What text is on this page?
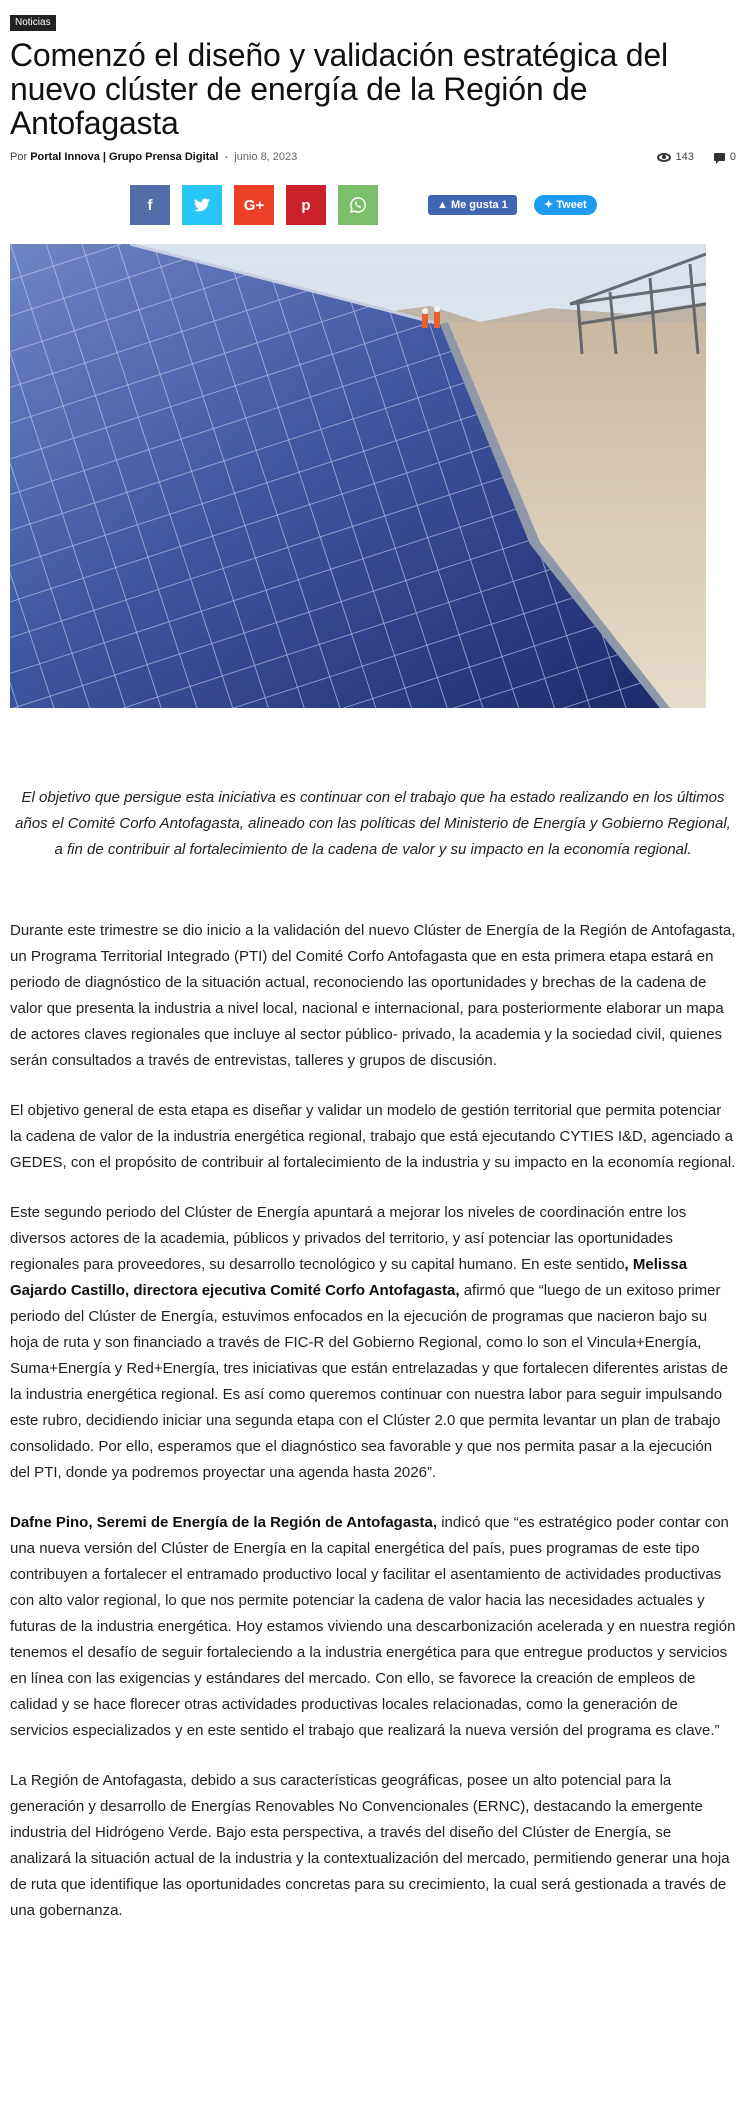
Noticias
Comenzó el diseño y validación estratégica del nuevo clúster de energía de la Región de Antofagasta
Por Portal Innova | Grupo Prensa Digital - junio 8, 2023	143	0
f	G+ p	▲ Me gusta 1	✦ Tweet

El objetivo que persigue esta iniciativa es continuar con el trabajo que ha estado realizando en los últimos años el Comité Corfo Antofagasta, alineado con las políticas del Ministerio de Energía y Gobierno Regional, a fin de contribuir al fortalecimiento de la cadena de valor y su impacto en la economía regional.

Durante este trimestre se dio inicio a la validación del nuevo Clúster de Energía de la Región de Antofagasta, un Programa Territorial Integrado (PTI) del Comité Corfo Antofagasta que en esta primera etapa estará en periodo de diagnóstico de la situación actual, reconociendo las oportunidades y brechas de la cadena de valor que presenta la industria a nivel local, nacional e internacional, para posteriormente elaborar un mapa de actores claves regionales que incluye al sector público- privado, la academia y la sociedad civil, quienes serán consultados a través de entrevistas, talleres y grupos de discusión.

El objetivo general de esta etapa es diseñar y validar un modelo de gestión territorial que permita potenciar la cadena de valor de la industria energética regional, trabajo que está ejecutando CYTIES I&D, agenciado a GEDES, con el propósito de contribuir al fortalecimiento de la industria y su impacto en la economía regional.

Este segundo periodo del Clúster de Energía apuntará a mejorar los niveles de coordinación entre los diversos actores de la academia, públicos y privados del territorio, y así potenciar las oportunidades regionales para proveedores, su desarrollo tecnológico y su capital humano. En este sentido, Melissa Gajardo Castillo, directora ejecutiva Comité Corfo Antofagasta, afirmó que “luego de un exitoso primer periodo del Clúster de Energía, estuvimos enfocados en la ejecución de programas que nacieron bajo su hoja de ruta y son financiado a través de FIC-R del Gobierno Regional, como lo son el Vincula+Energía, Suma+Energía y Red+Energía, tres iniciativas que están entrelazadas y que fortalecen diferentes aristas de la industria energética regional. Es así como queremos continuar con nuestra labor para seguir impulsando este rubro, decidiendo iniciar una segunda etapa con el Clúster 2.0 que permita levantar un plan de trabajo consolidado. Por ello, esperamos que el diagnóstico sea favorable y que nos permita pasar a la ejecución del PTI, donde ya podremos proyectar una agenda hasta 2026”.

Dafne Pino, Seremi de Energía de la Región de Antofagasta, indicó que “es estratégico poder contar con una nueva versión del Clúster de Energía en la capital energética del país, pues programas de este tipo contribuyen a fortalecer el entramado productivo local y facilitar el asentamiento de actividades productivas con alto valor regional, lo que nos permite potenciar la cadena de valor hacia las necesidades actuales y futuras de la industria energética. Hoy estamos viviendo una descarbonización acelerada y en nuestra región tenemos el desafío de seguir fortaleciendo a la industria energética para que entregue productos y servicios en línea con las exigencias y estándares del mercado. Con ello, se favorece la creación de empleos de calidad y se hace florecer otras actividades productivas locales relacionadas, como la generación de servicios especializados y en este sentido el trabajo que realizará la nueva versión del programa es clave.”

La Región de Antofagasta, debido a sus características geográficas, posee un alto potencial para la generación y desarrollo de Energías Renovables No Convencionales (ERNC), destacando la emergente industria del Hidrógeno Verde. Bajo esta perspectiva, a través del diseño del Clúster de Energía, se analizará la situación actual de la industria y la contextualización del mercado, permitiendo generar una hoja de ruta que identifique las oportunidades concretas para su crecimiento, la cual será gestionada a través de una gobernanza.
